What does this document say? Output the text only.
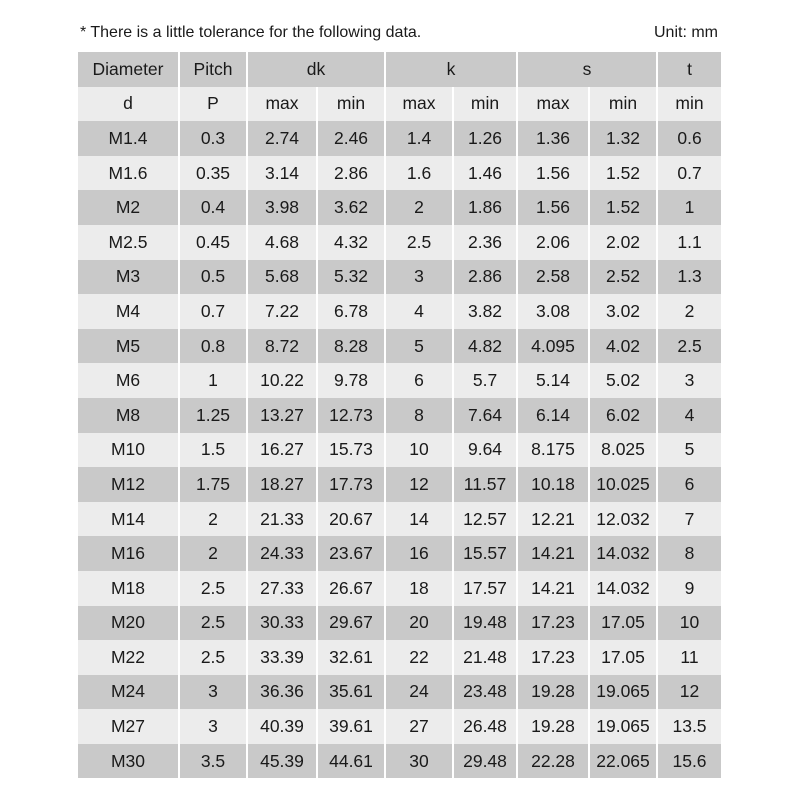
* There is a little tolerance for the following data.	Unit: mm
Diameter	Pitch	dk		k		s		t
d	P	max	min	max	min	max	min	min
M1.4	0.3	2.74	2.46	1.4	1.26	1.36	1.32	0.6
M1.6	0.35	3.14	2.86	1.6	1.46	1.56	1.52	0.7
M2	0.4	3.98	3.62	2	1.86	1.56	1.52	1
M2.5	0.45	4.68	4.32	2.5	2.36	2.06	2.02	1.1
M3	0.5	5.68	5.32	3	2.86	2.58	2.52	1.3
M4	0.7	7.22	6.78	4	3.82	3.08	3.02	2
M5	0.8	8.72	8.28	5	4.82	4.095	4.02	2.5
M6	1	10.22	9.78	6	5.7	5.14	5.02	3
M8	1.25	13.27	12.73	8	7.64	6.14	6.02	4
M10	1.5	16.27	15.73	10	9.64	8.175	8.025	5
M12	1.75	18.27	17.73	12	11.57	10.18	10.025	6
M14	2	21.33	20.67	14	12.57	12.21	12.032	7
M16	2	24.33	23.67	16	15.57	14.21	14.032	8
M18	2.5	27.33	26.67	18	17.57	14.21	14.032	9
M20	2.5	30.33	29.67	20	19.48	17.23	17.05	10
M22	2.5	33.39	32.61	22	21.48	17.23	17.05	11
M24	3	36.36	35.61	24	23.48	19.28	19.065	12
M27	3	40.39	39.61	27	26.48	19.28	19.065	13.5
M30	3.5	45.39	44.61	30	29.48	22.28	22.065	15.6
